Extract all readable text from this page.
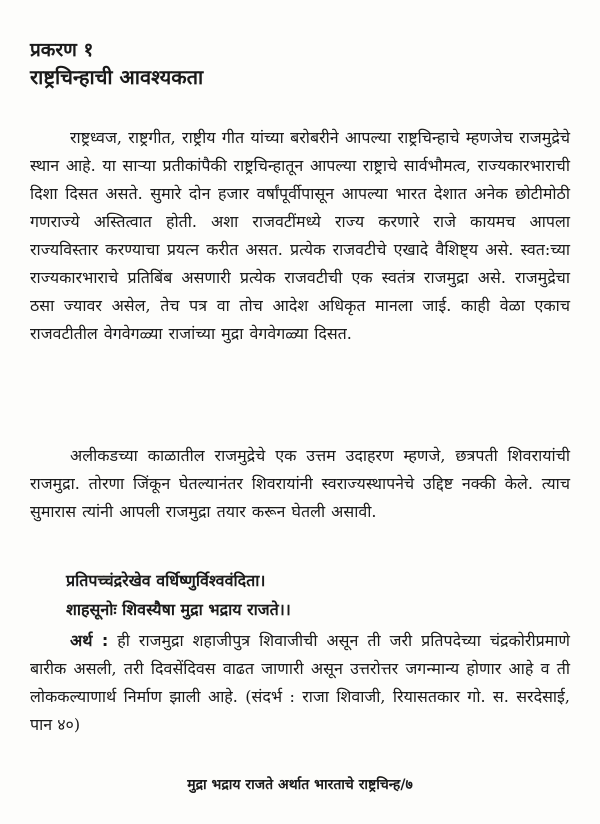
प्रकरण १
राष्ट्रचिन्हाची आवश्यकता

राष्ट्रध्वज, राष्ट्रगीत, राष्ट्रीय गीत यांच्या बरोबरीने आपल्या राष्ट्रचिन्हाचे म्हणजेच राजमुद्रेचे स्थान आहे. या साऱ्या प्रतीकांपैकी राष्ट्रचिन्हातून आपल्या राष्ट्राचे सार्वभौमत्व, राज्यकारभाराची दिशा दिसत असते. सुमारे दोन हजार वर्षांपूर्वीपासून आपल्या भारत देशात अनेक छोटीमोठी गणराज्ये अस्तित्वात होती. अशा राजवटींमध्ये राज्य करणारे राजे कायमच आपला राज्यविस्तार करण्याचा प्रयत्न करीत असत. प्रत्येक राजवटीचे एखादे वैशिष्ट्य असे. स्वत:च्या राज्यकारभाराचे प्रतिबिंब असणारी प्रत्येक राजवटीची एक स्वतंत्र राजमुद्रा असे. राजमुद्रेचा ठसा ज्यावर असेल, तेच पत्र वा तोच आदेश अधिकृत मानला जाई. काही वेळा एकाच राजवटीतील वेगवेगळ्या राजांच्या मुद्रा वेगवेगळ्या दिसत.

अलीकडच्या काळातील राजमुद्रेचे एक उत्तम उदाहरण म्हणजे, छत्रपती शिवरायांची राजमुद्रा. तोरणा जिंकून घेतल्यानंतर शिवरायांनी स्वराज्यस्थापनेचे उद्दिष्ट नक्की केले. त्याच सुमारास त्यांनी आपली राजमुद्रा तयार करून घेतली असावी.

प्रतिपच्चंद्ररेखेव वर्धिष्णुर्विश्ववंदिता।

शाहसूनोः शिवस्यैषा मुद्रा भद्राय राजते।।

अर्थ : ही राजमुद्रा शहाजीपुत्र शिवाजीची असून ती जरी प्रतिपदेच्या चंद्रकोरीप्रमाणे बारीक असली, तरी दिवसेंदिवस वाढत जाणारी असून उत्तरोत्तर जगन्मान्य होणार आहे व ती लोककल्याणार्थ निर्माण झाली आहे. (संदर्भ : राजा शिवाजी, रियासतकार गो. स. सरदेसाई, पान ४०)

मुद्रा भद्राय राजते अर्थात भारताचे राष्ट्रचिन्ह/७
